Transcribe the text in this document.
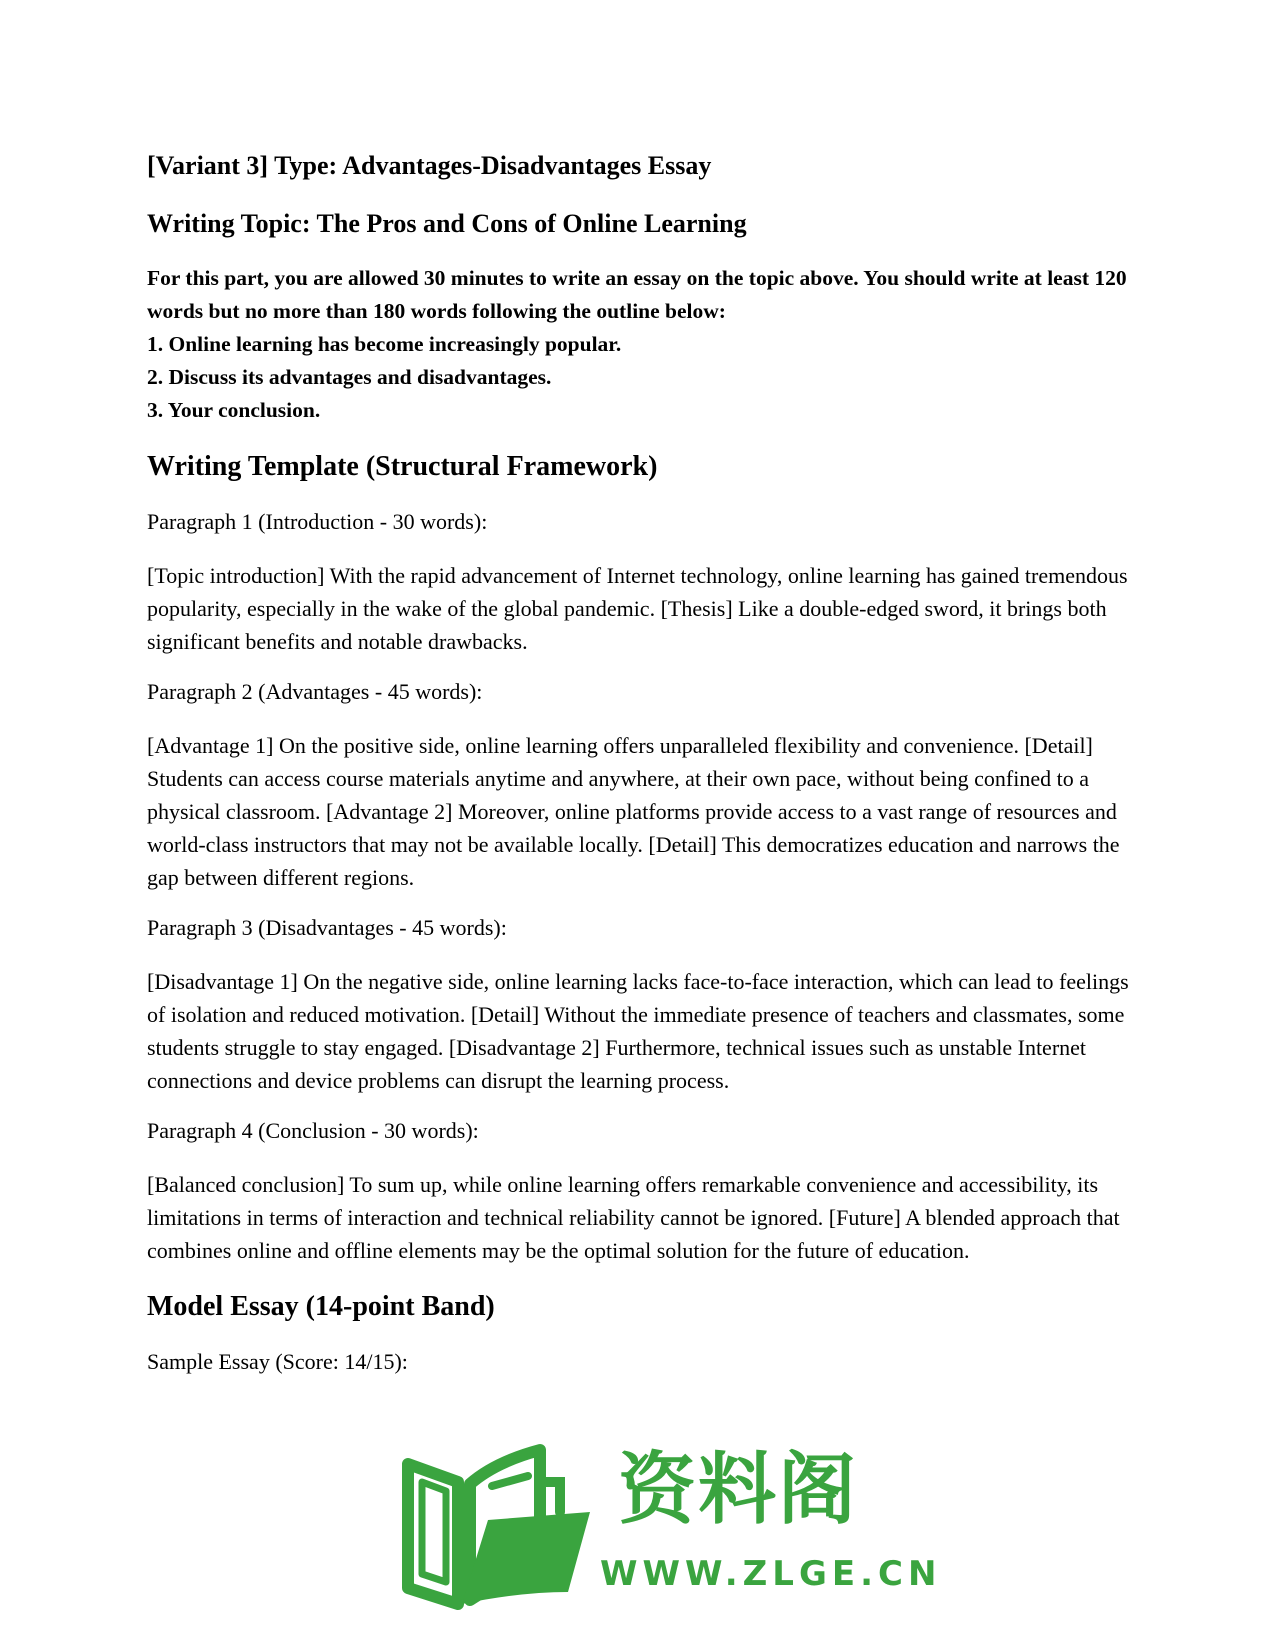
[Variant 3] Type: Advantages-Disadvantages Essay
Writing Topic: The Pros and Cons of Online Learning
For this part, you are allowed 30 minutes to write an essay on the topic above. You should write at least 120 words but no more than 180 words following the outline below:
1. Online learning has become increasingly popular.
2. Discuss its advantages and disadvantages.
3. Your conclusion.
Writing Template (Structural Framework)
Paragraph 1 (Introduction - 30 words):
[Topic introduction] With the rapid advancement of Internet technology, online learning has gained tremendous popularity, especially in the wake of the global pandemic. [Thesis] Like a double-edged sword, it brings both significant benefits and notable drawbacks.
Paragraph 2 (Advantages - 45 words):
[Advantage 1] On the positive side, online learning offers unparalleled flexibility and convenience. [Detail] Students can access course materials anytime and anywhere, at their own pace, without being confined to a physical classroom. [Advantage 2] Moreover, online platforms provide access to a vast range of resources and world-class instructors that may not be available locally. [Detail] This democratizes education and narrows the gap between different regions.
Paragraph 3 (Disadvantages - 45 words):
[Disadvantage 1] On the negative side, online learning lacks face-to-face interaction, which can lead to feelings of isolation and reduced motivation. [Detail] Without the immediate presence of teachers and classmates, some students struggle to stay engaged. [Disadvantage 2] Furthermore, technical issues such as unstable Internet connections and device problems can disrupt the learning process.
Paragraph 4 (Conclusion - 30 words):
[Balanced conclusion] To sum up, while online learning offers remarkable convenience and accessibility, its limitations in terms of interaction and technical reliability cannot be ignored. [Future] A blended approach that combines online and offline elements may be the optimal solution for the future of education.
Model Essay (14-point Band)
Sample Essay (Score: 14/15):
资料阁
WWW.ZLGE.CN
